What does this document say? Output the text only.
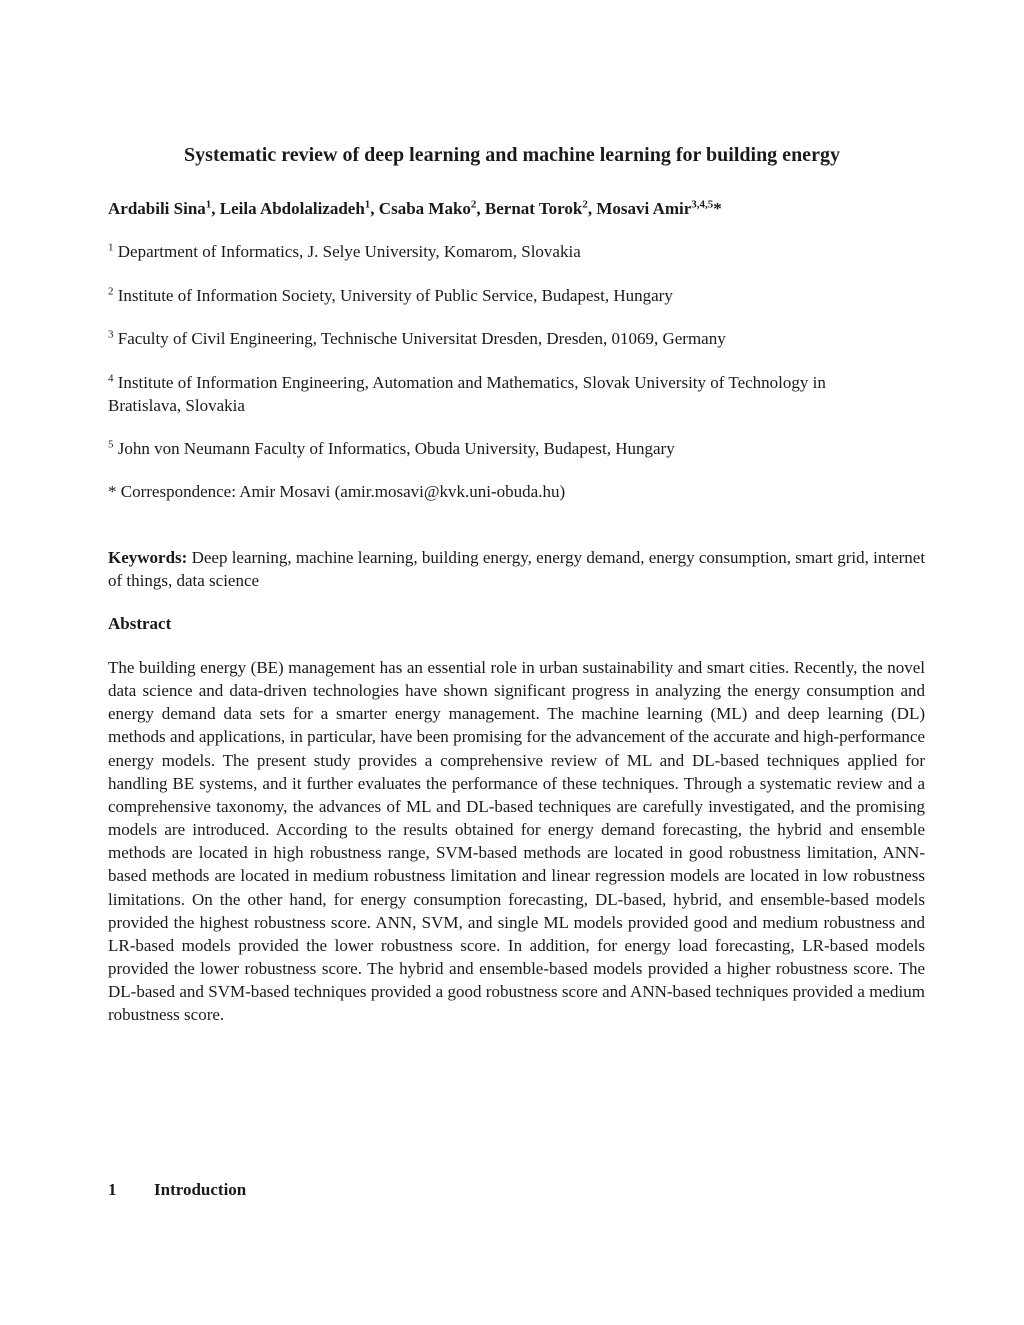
Systematic review of deep learning and machine learning for building energy
Ardabili Sina$^1$, Leila Abdolalizadeh$^1$, Csaba Mako$^2$, Bernat Torok$^2$, Mosavi Amir$^{3,4,5}$*

$^1$ Department of Informatics, J. Selye University, Komarom, Slovakia

$^2$ Institute of Information Society, University of Public Service, Budapest, Hungary

$^3$ Faculty of Civil Engineering, Technische Universitat Dresden, Dresden, 01069, Germany

$^4$ Institute of Information Engineering, Automation and Mathematics, Slovak University of Technology in Bratislava, Slovakia

$^5$ John von Neumann Faculty of Informatics, Obuda University, Budapest, Hungary

* Correspondence: Amir Mosavi (amir.mosavi@kvk.uni-obuda.hu)

Keywords: Deep learning, machine learning, building energy, energy demand, energy consumption, smart grid, internet of things, data science

Abstract

The building energy (BE) management has an essential role in urban sustainability and smart cities. Recently, the novel data science and data-driven technologies have shown significant progress in analyzing the energy consumption and energy demand data sets for a smarter energy management. The machine learning (ML) and deep learning (DL) methods and applications, in particular, have been promising for the advancement of the accurate and high-performance energy models. The present study provides a comprehensive review of ML and DL-based techniques applied for handling BE systems, and it further evaluates the performance of these techniques. Through a systematic review and a comprehensive taxonomy, the advances of ML and DL-based techniques are carefully investigated, and the promising models are introduced. According to the results obtained for energy demand forecasting, the hybrid and ensemble methods are located in high robustness range, SVM-based methods are located in good robustness limitation, ANN-based methods are located in medium robustness limitation and linear regression models are located in low robustness limitations. On the other hand, for energy consumption forecasting, DL-based, hybrid, and ensemble-based models provided the highest robustness score. ANN, SVM, and single ML models provided good and medium robustness and LR-based models provided the lower robustness score. In addition, for energy load forecasting, LR-based models provided the lower robustness score. The hybrid and ensemble-based models provided a higher robustness score. The DL-based and SVM-based techniques provided a good robustness score and ANN-based techniques provided a medium robustness score.

1 Introduction
